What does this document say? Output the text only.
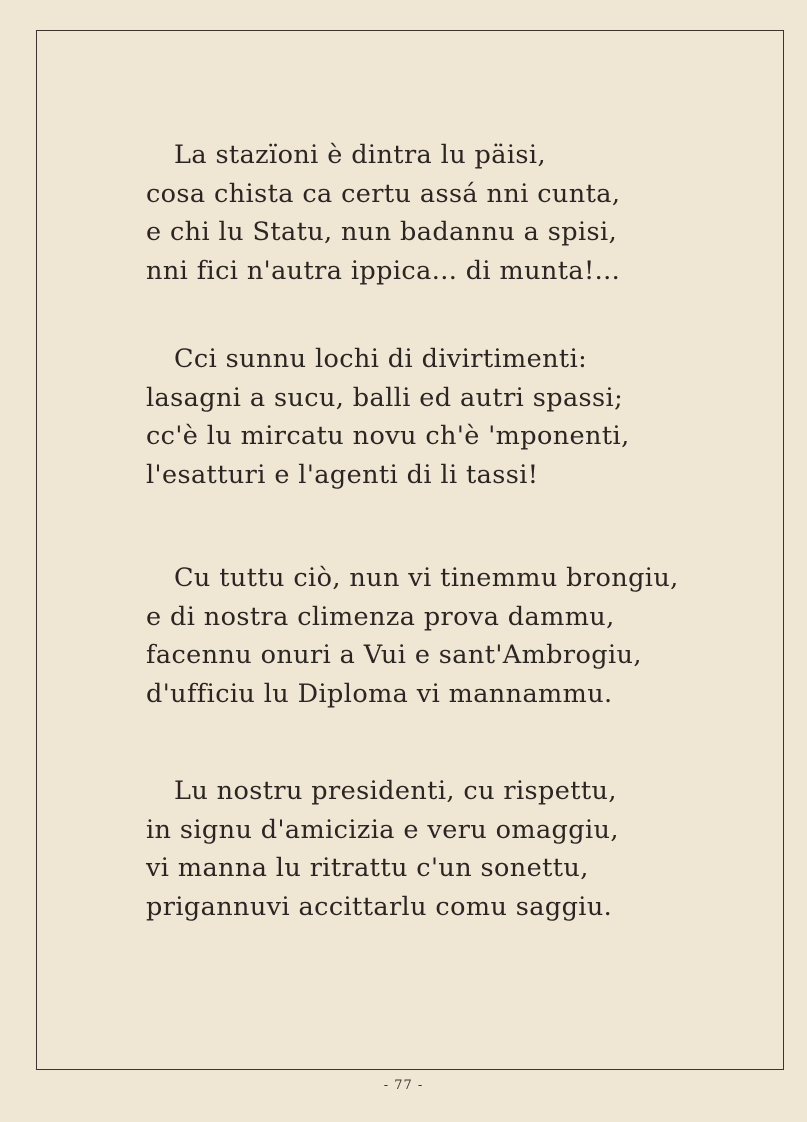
La stazïoni è dintra lu päisi,
cosa chista ca certu assá nni cunta,
e chi lu Statu, nun badannu a spisi,
nni fici n'autra ippica... di munta!...
Cci sunnu lochi di divirtimenti:
lasagni a sucu, balli ed autri spassi;
cc'è lu mircatu novu ch'è 'mponenti,
l'esatturi e l'agenti di li tassi!
Cu tuttu ciò, nun vi tinemmu brongiu,
e di nostra climenza prova dammu,
facennu onuri a Vui e sant'Ambrogiu,
d'ufficiu lu Diploma vi mannammu.
Lu nostru presidenti, cu rispettu,
in signu d'amicizia e veru omaggiu,
vi manna lu ritrattu c'un sonettu,
prigannuvi accittarlu comu saggiu.
- 77 -
